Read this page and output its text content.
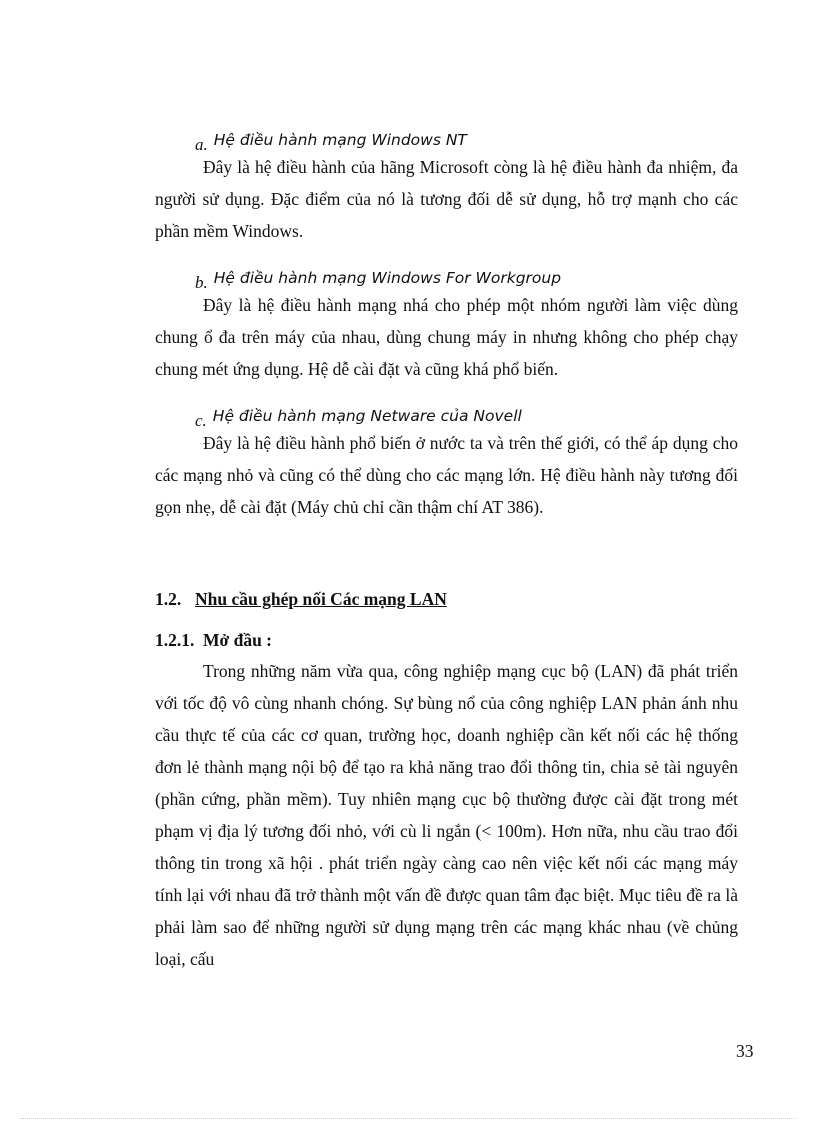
a. Hệ điều hành mạng Windows NT
Đây là hệ điều hành của hãng Microsoft còng là hệ điều hành đa nhiệm, đa người sử dụng. Đặc điểm của nó là tương đối dễ sử dụng, hỗ trợ mạnh cho các phần mềm Windows.
b. Hệ điều hành mạng Windows For Workgroup
Đây là hệ điều hành mạng nhá cho phép một nhóm người làm việc dùng chung ổ đa trên máy của nhau, dùng chung máy in nhưng không cho phép chạy chung mét ứng dụng. Hệ dễ cài đặt và cũng khá phổ biến.
c. Hệ điều hành mạng Netware của Novell
Đây là hệ điều hành phổ biến ở nước ta và trên thế giới, có thể áp dụng cho các mạng nhỏ và cũng có thể dùng cho các mạng lớn. Hệ điều hành này tương đối gọn nhẹ, dễ cài đặt (Máy chủ chỉ cần thậm chí AT 386).
1.2. Nhu cầu ghép nối Các mạng LAN
1.2.1. Mở đầu :
Trong những năm vừa qua, công nghiệp mạng cục bộ (LAN) đã phát triển với tốc độ vô cùng nhanh chóng. Sự bùng nổ của công nghiệp LAN phản ánh nhu cầu thực tế của các cơ quan, trường học, doanh nghiệp cần kết nối các hệ thống đơn lẻ thành mạng nội bộ để tạo ra khả năng trao đổi thông tin, chia sẻ tài nguyên (phần cứng, phần mềm). Tuy nhiên mạng cục bộ thường được cài đặt trong mét phạm vị địa lý tương đối nhỏ, với cù li ngắn (< 100m). Hơn nữa, nhu cầu trao đổi thông tin trong xã hội . phát triển ngày càng cao nên việc kết nối các mạng máy tính lại với nhau đã trở thành một vấn đề được quan tâm đạc biệt. Mục tiêu đề ra là phải làm sao để những người sử dụng mạng trên các mạng khác nhau (về chủng loại, cấu
33
